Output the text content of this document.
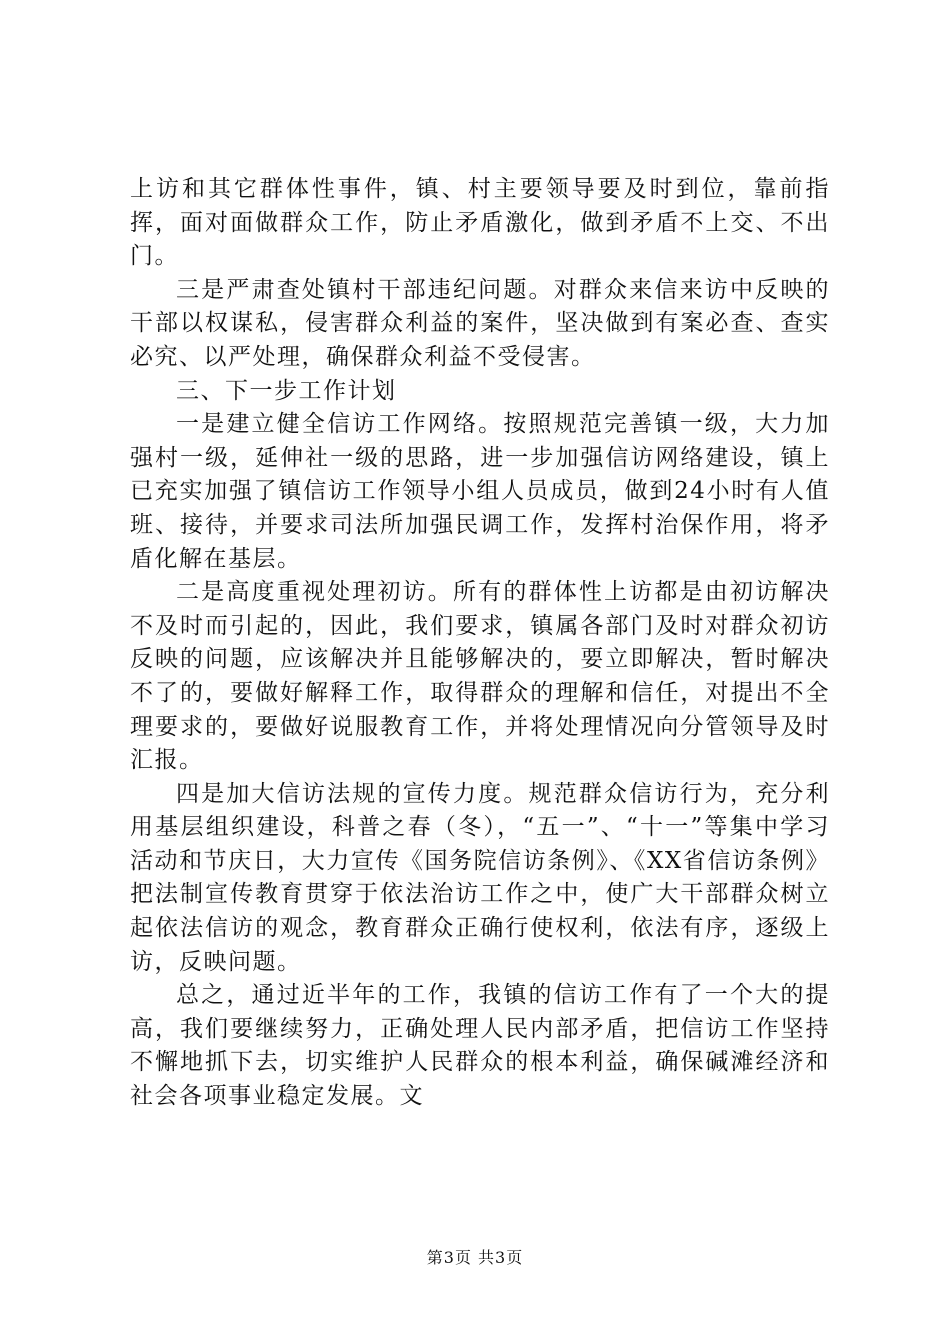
上访和其它群体性事件，镇、村主要领导要及时到位，靠前指挥，面对面做群众工作，防止矛盾激化，做到矛盾不上交、不出门。

三是严肃查处镇村干部违纪问题。对群众来信来访中反映的干部以权谋私，侵害群众利益的案件，坚决做到有案必查、查实必究、以严处理，确保群众利益不受侵害。

三、下一步工作计划

一是建立健全信访工作网络。按照规范完善镇一级，大力加强村一级，延伸社一级的思路，进一步加强信访网络建设，镇上已充实加强了镇信访工作领导小组人员成员，做到24小时有人值班、接待，并要求司法所加强民调工作，发挥村治保作用，将矛盾化解在基层。

二是高度重视处理初访。所有的群体性上访都是由初访解决不及时而引起的，因此，我们要求，镇属各部门及时对群众初访反映的问题，应该解决并且能够解决的，要立即解决，暂时解决不了的，要做好解释工作，取得群众的理解和信任，对提出不全理要求的，要做好说服教育工作，并将处理情况向分管领导及时汇报。

四是加大信访法规的宣传力度。规范群众信访行为，充分利用基层组织建设，科普之春（冬），“五一”、“十一”等集中学习活动和节庆日，大力宣传《国务院信访条例》、《XX省信访条例》把法制宣传教育贯穿于依法治访工作之中，使广大干部群众树立起依法信访的观念，教育群众正确行使权利，依法有序，逐级上访，反映问题。

总之，通过近半年的工作，我镇的信访工作有了一个大的提高，我们要继续努力，正确处理人民内部矛盾，把信访工作坚持不懈地抓下去，切实维护人民群众的根本利益，确保碱滩经济和社会各项事业稳定发展。文

第3页 共3页
